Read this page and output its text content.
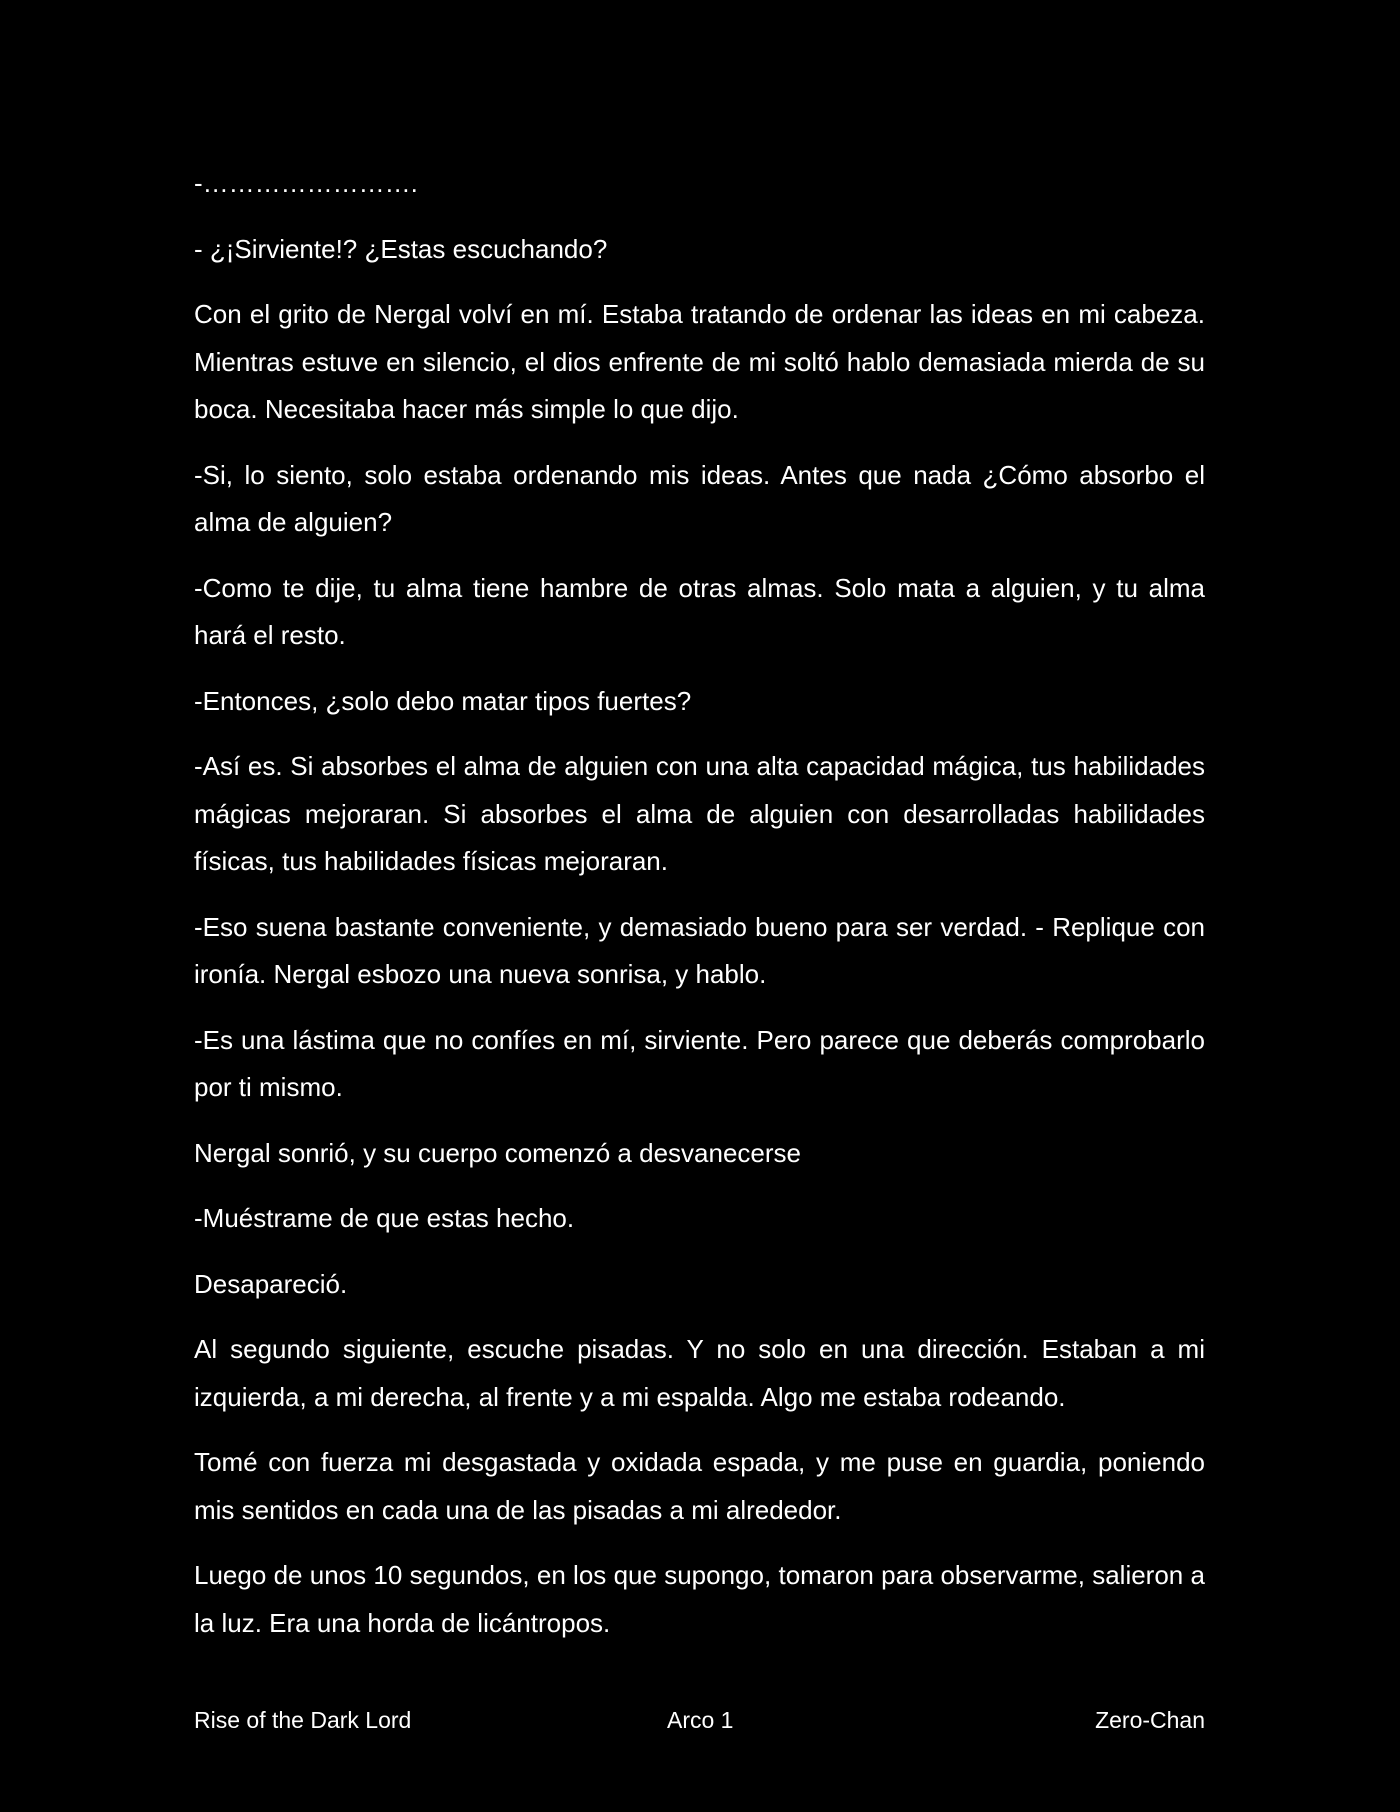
-…………………….

- ¿¡Sirviente!? ¿Estas escuchando?

Con el grito de Nergal volví en mí. Estaba tratando de ordenar las ideas en mi cabeza. Mientras estuve en silencio, el dios enfrente de mi soltó hablo demasiada mierda de su boca. Necesitaba hacer más simple lo que dijo.

-Si, lo siento, solo estaba ordenando mis ideas. Antes que nada ¿Cómo absorbo el alma de alguien?

-Como te dije, tu alma tiene hambre de otras almas. Solo mata a alguien, y tu alma hará el resto.

-Entonces, ¿solo debo matar tipos fuertes?

-Así es. Si absorbes el alma de alguien con una alta capacidad mágica, tus habilidades mágicas mejoraran. Si absorbes el alma de alguien con desarrolladas habilidades físicas, tus habilidades físicas mejoraran.

-Eso suena bastante conveniente, y demasiado bueno para ser verdad. - Replique con ironía. Nergal esbozo una nueva sonrisa, y hablo.

-Es una lástima que no confíes en mí, sirviente. Pero parece que deberás comprobarlo por ti mismo.

Nergal sonrió, y su cuerpo comenzó a desvanecerse

-Muéstrame de que estas hecho.

Desapareció.

Al segundo siguiente, escuche pisadas. Y no solo en una dirección. Estaban a mi izquierda, a mi derecha, al frente y a mi espalda. Algo me estaba rodeando.

Tomé con fuerza mi desgastada y oxidada espada, y me puse en guardia, poniendo mis sentidos en cada una de las pisadas a mi alrededor.

Luego de unos 10 segundos, en los que supongo, tomaron para observarme, salieron a la luz. Era una horda de licántropos.

Rise of the Dark Lord	Arco 1	Zero-Chan
